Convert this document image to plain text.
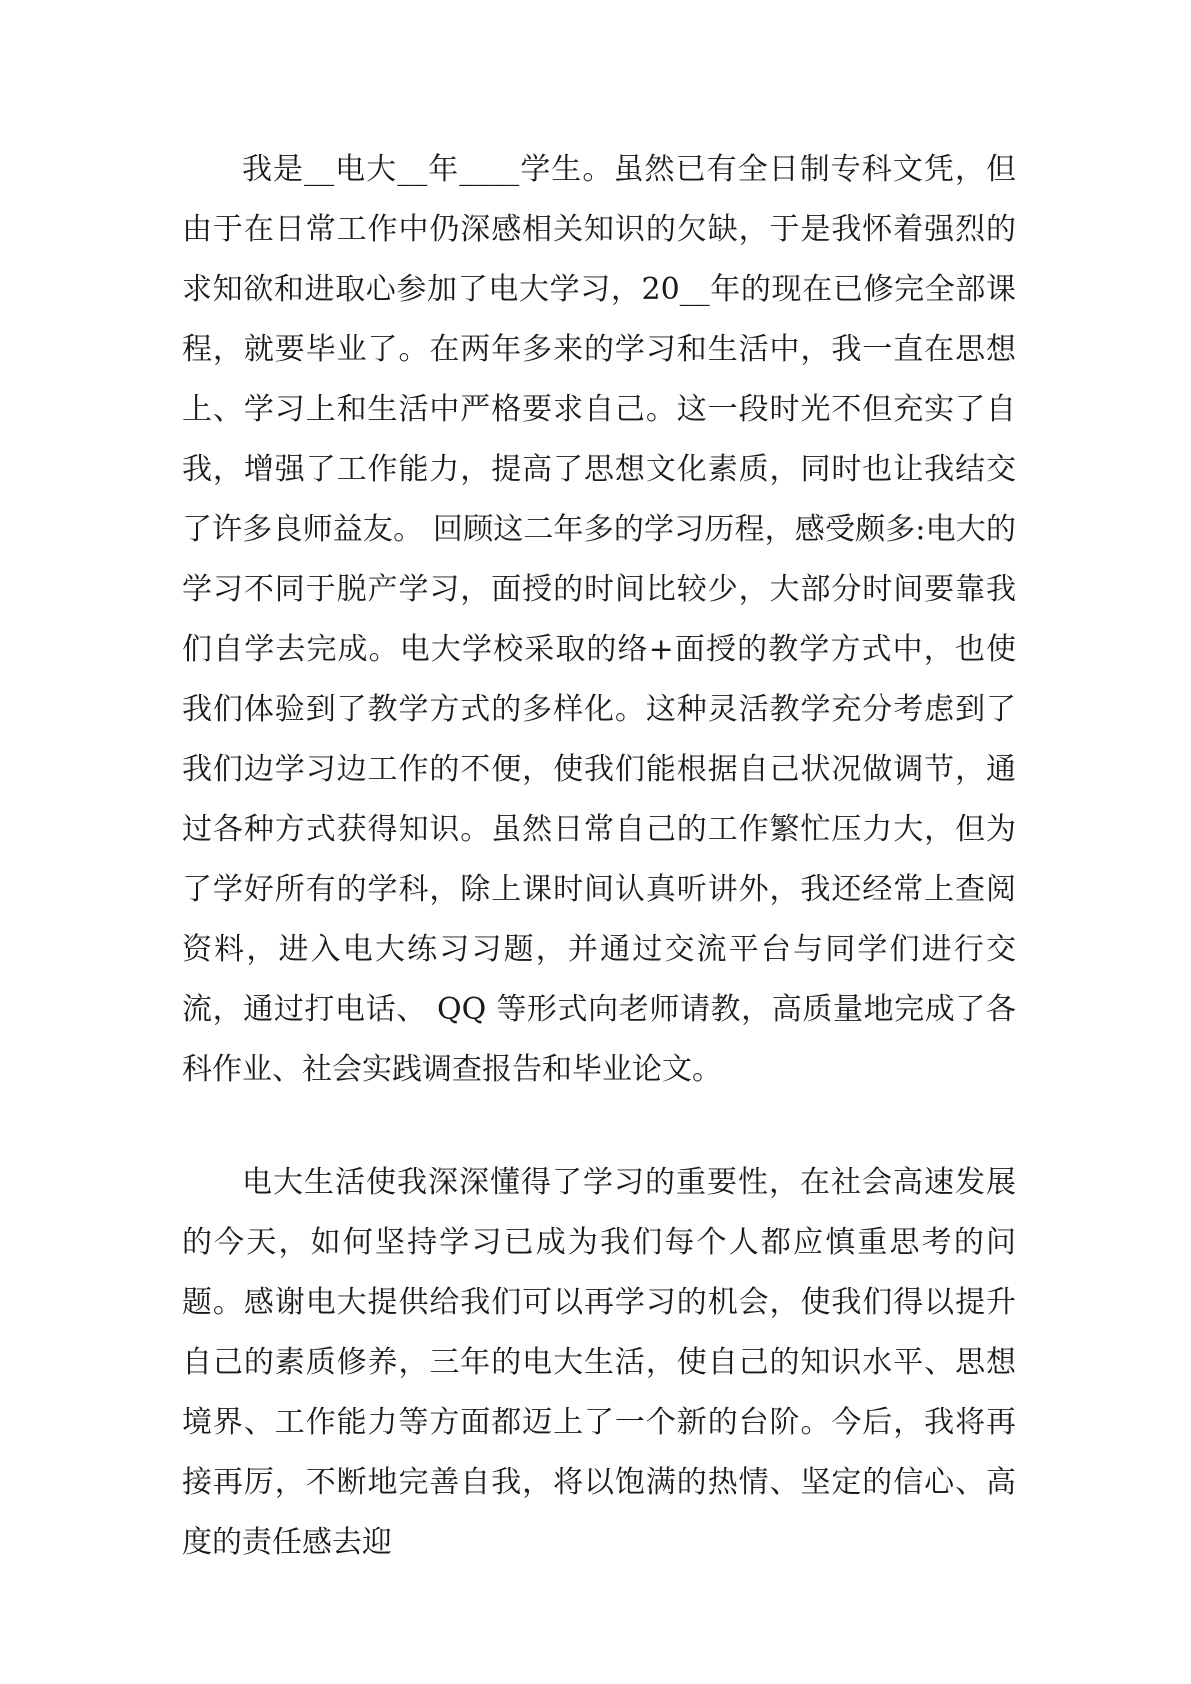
我是__电大__年____学生。虽然已有全日制专科文凭，但由于在日常工作中仍深感相关知识的欠缺，于是我怀着强烈的求知欲和进取心参加了电大学习，20__年的现在已修完全部课程，就要毕业了。在两年多来的学习和生活中，我一直在思想上、学习上和生活中严格要求自己。这一段时光不但充实了自我，增强了工作能力，提高了思想文化素质，同时也让我结交了许多良师益友。 回顾这二年多的学习历程，感受颇多:电大的学习不同于脱产学习，面授的时间比较少，大部分时间要靠我们自学去完成。电大学校采取的络+面授的教学方式中，也使我们体验到了教学方式的多样化。这种灵活教学充分考虑到了我们边学习边工作的不便，使我们能根据自己状况做调节，通过各种方式获得知识。虽然日常自己的工作繁忙压力大，但为了学好所有的学科，除上课时间认真听讲外，我还经常上查阅资料，进入电大练习习题，并通过交流平台与同学们进行交流，通过打电话、 QQ 等形式向老师请教，高质量地完成了各科作业、社会实践调查报告和毕业论文。

电大生活使我深深懂得了学习的重要性，在社会高速发展的今天，如何坚持学习已成为我们每个人都应慎重思考的问题。感谢电大提供给我们可以再学习的机会，使我们得以提升自己的素质修养，三年的电大生活，使自己的知识水平、思想境界、工作能力等方面都迈上了一个新的台阶。今后，我将再接再厉，不断地完善自我，将以饱满的热情、坚定的信心、高度的责任感去迎
